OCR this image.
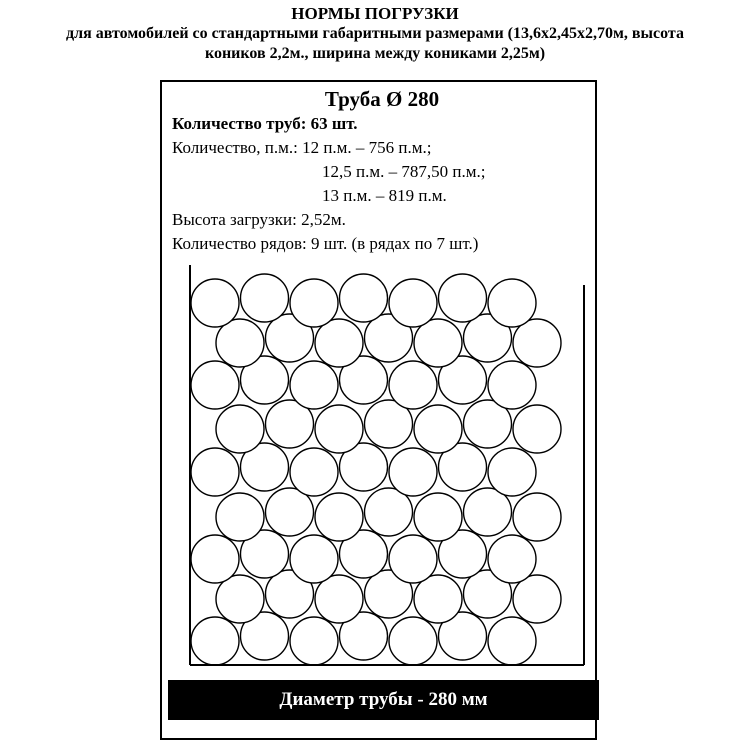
НОРМЫ ПОГРУЗКИ
для автомобилей со стандартными габаритными размерами (13,6х2,45х2,70м, высота
коников 2,2м., ширина между кониками 2,25м)
Труба Ø 280
Количество труб: 63 шт.
Количество, п.м.: 12 п.м. – 756 п.м.;
12,5 п.м. – 787,50 п.м.;
13 п.м. – 819 п.м.
Высота загрузки: 2,52м.
Количество рядов: 9 шт. (в рядах по 7 шт.)
Диаметр трубы - 280 мм
